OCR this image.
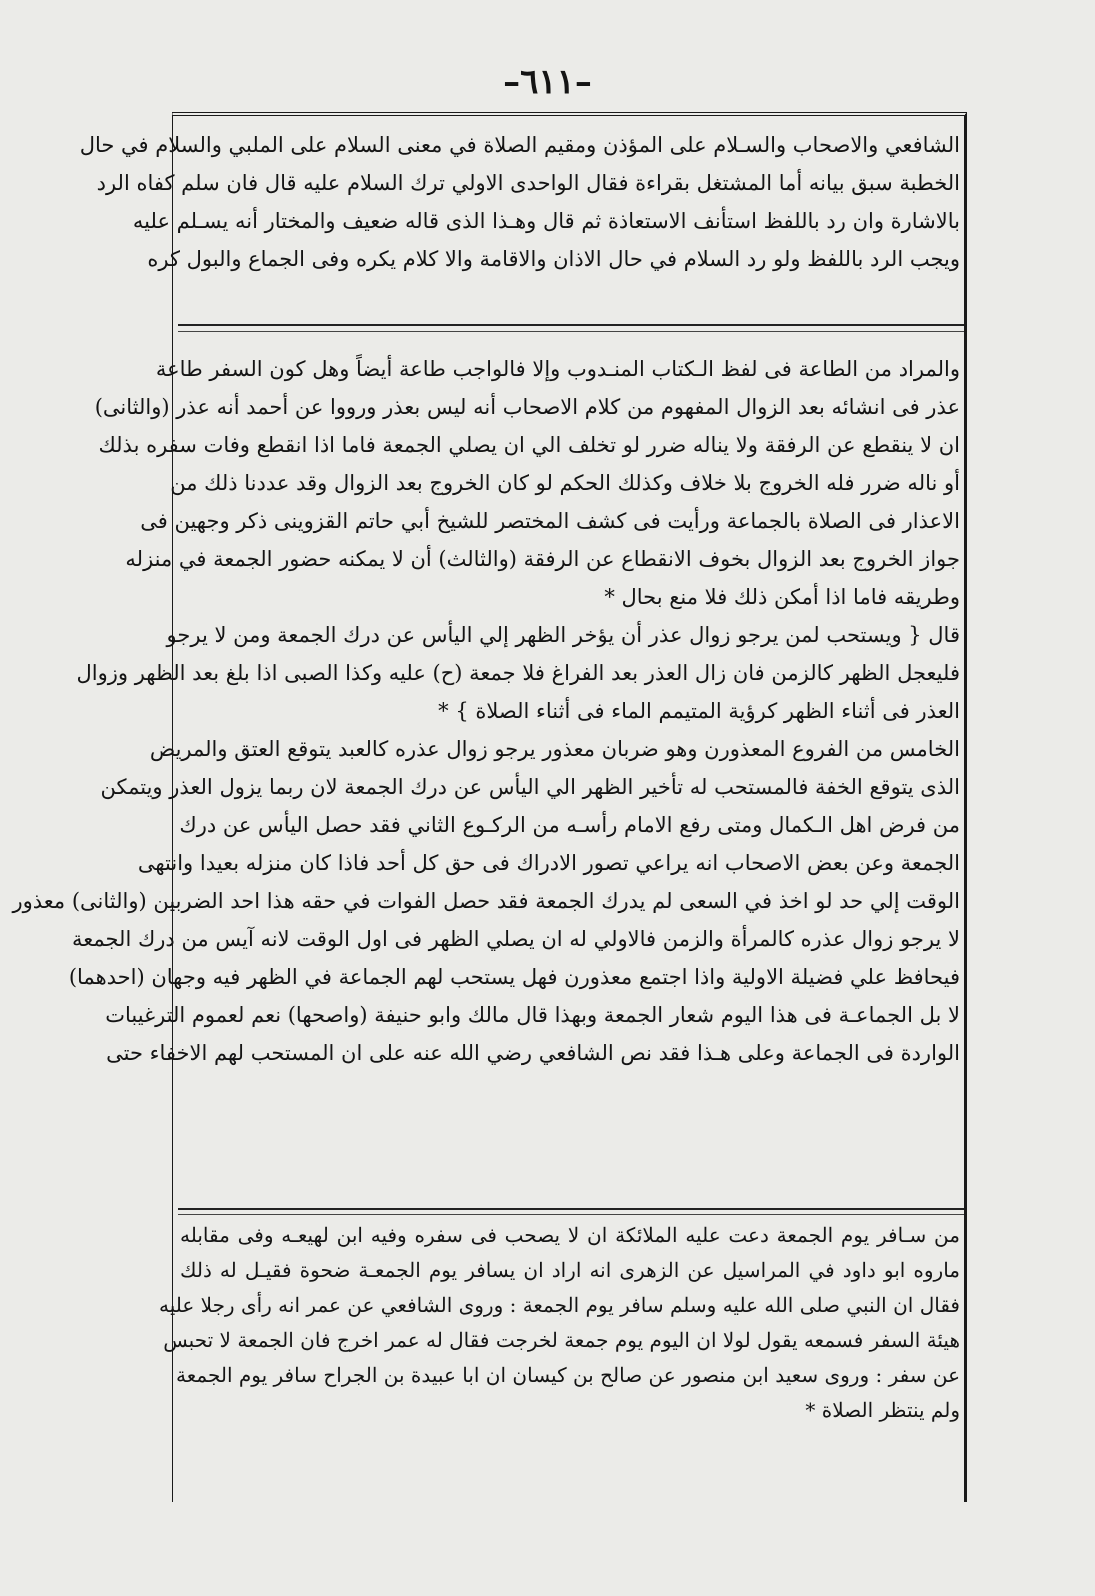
–٦١١–
الشافعي والاصحاب والسـلام على المؤذن ومقيم الصلاة في معنى السلام على الملبي والسلام في حال
الخطبة سبق بيانه أما المشتغل بقراءة فقال الواحدى الاولي ترك السلام عليه قال فان سلم كفاه الرد
بالاشارة وان رد باللفظ استأنف الاستعاذة ثم قال وهـذا الذى قاله ضعيف والمختار أنه يسـلم عليه
ويجب الرد باللفظ ولو رد السلام في حال الاذان والاقامة والا كلام يكره وفى الجماع والبول كره
والمراد من الطاعة فى لفظ الـكتاب المنـدوب وإلا فالواجب طاعة أيضاً وهل كون السفر طاعة
عذر فى انشائه بعد الزوال المفهوم من كلام الاصحاب أنه ليس بعذر ورووا عن أحمد أنه عذر (والثانى)
ان لا ينقطع عن الرفقة ولا يناله ضرر لو تخلف الي ان يصلي الجمعة فاما اذا انقطع وفات سفره بذلك
أو ناله ضرر فله الخروج بلا خلاف وكذلك الحكم لو كان الخروج بعد الزوال وقد عددنا ذلك من
الاعذار فى الصلاة بالجماعة ورأيت فى كشف المختصر للشيخ أبي حاتم القزوينى ذكر وجهين فى
جواز الخروج بعد الزوال بخوف الانقطاع عن الرفقة (والثالث) أن لا يمكنه حضور الجمعة في منزله
وطريقه فاما اذا أمكن ذلك فلا منع بحال *
قال { ويستحب لمن يرجو زوال عذر أن يؤخر الظهر إلي اليأس عن درك الجمعة ومن لا يرجو
فليعجل الظهر كالزمن فان زال العذر بعد الفراغ فلا جمعة (ح) عليه وكذا الصبى اذا بلغ بعد الظهر وزوال
العذر فى أثناء الظهر كرؤية المتيمم الماء فى أثناء الصلاة } *
الخامس من الفروع المعذورن وهو ضربان معذور يرجو زوال عذره كالعبد يتوقع العتق والمريض
الذى يتوقع الخفة فالمستحب له تأخير الظهر الي اليأس عن درك الجمعة لان ربما يزول العذر ويتمكن
من فرض اهل الـكمال ومتى رفع الامام رأسـه من الركـوع الثاني فقد حصل اليأس عن درك
الجمعة وعن بعض الاصحاب انه يراعي تصور الادراك فى حق كل أحد فاذا كان منزله بعيدا وانتهى
الوقت إلي حد لو اخذ في السعى لم يدرك الجمعة فقد حصل الفوات في حقه هذا احد الضربين (والثانى) معذور
لا يرجو زوال عذره كالمرأة والزمن فالاولي له ان يصلي الظهر فى اول الوقت لانه آيس من درك الجمعة
فيحافظ علي فضيلة الاولية واذا اجتمع معذورن فهل يستحب لهم الجماعة في الظهر فيه وجهان (احدهما)
لا بل الجماعـة فى هذا اليوم شعار الجمعة وبهذا قال مالك وابو حنيفة (واصحها) نعم لعموم الترغيبات
الواردة فى الجماعة وعلى هـذا فقد نص الشافعي رضي الله عنه على ان المستحب لهم الاخفاء حتى
من سـافر يوم الجمعة دعت عليه الملائكة ان لا يصحب فى سفره وفيه ابن لهيعـه وفى مقابله
ماروه ابو داود في المراسيل عن الزهرى انه اراد ان يسافر يوم الجمعـة ضحوة فقيـل له ذلك
فقال ان النبي صلى الله عليه وسلم سافر يوم الجمعة : وروى الشافعي عن عمر انه رأى رجلا عليه
هيئة السفر فسمعه يقول لولا ان اليوم يوم جمعة لخرجت فقال له عمر اخرج فان الجمعة لا تحبس
عن سفر : وروى سعيد ابن منصور عن صالح بن كيسان ان ابا عبيدة بن الجراح سافر يوم الجمعة
ولم ينتظر الصلاة *
